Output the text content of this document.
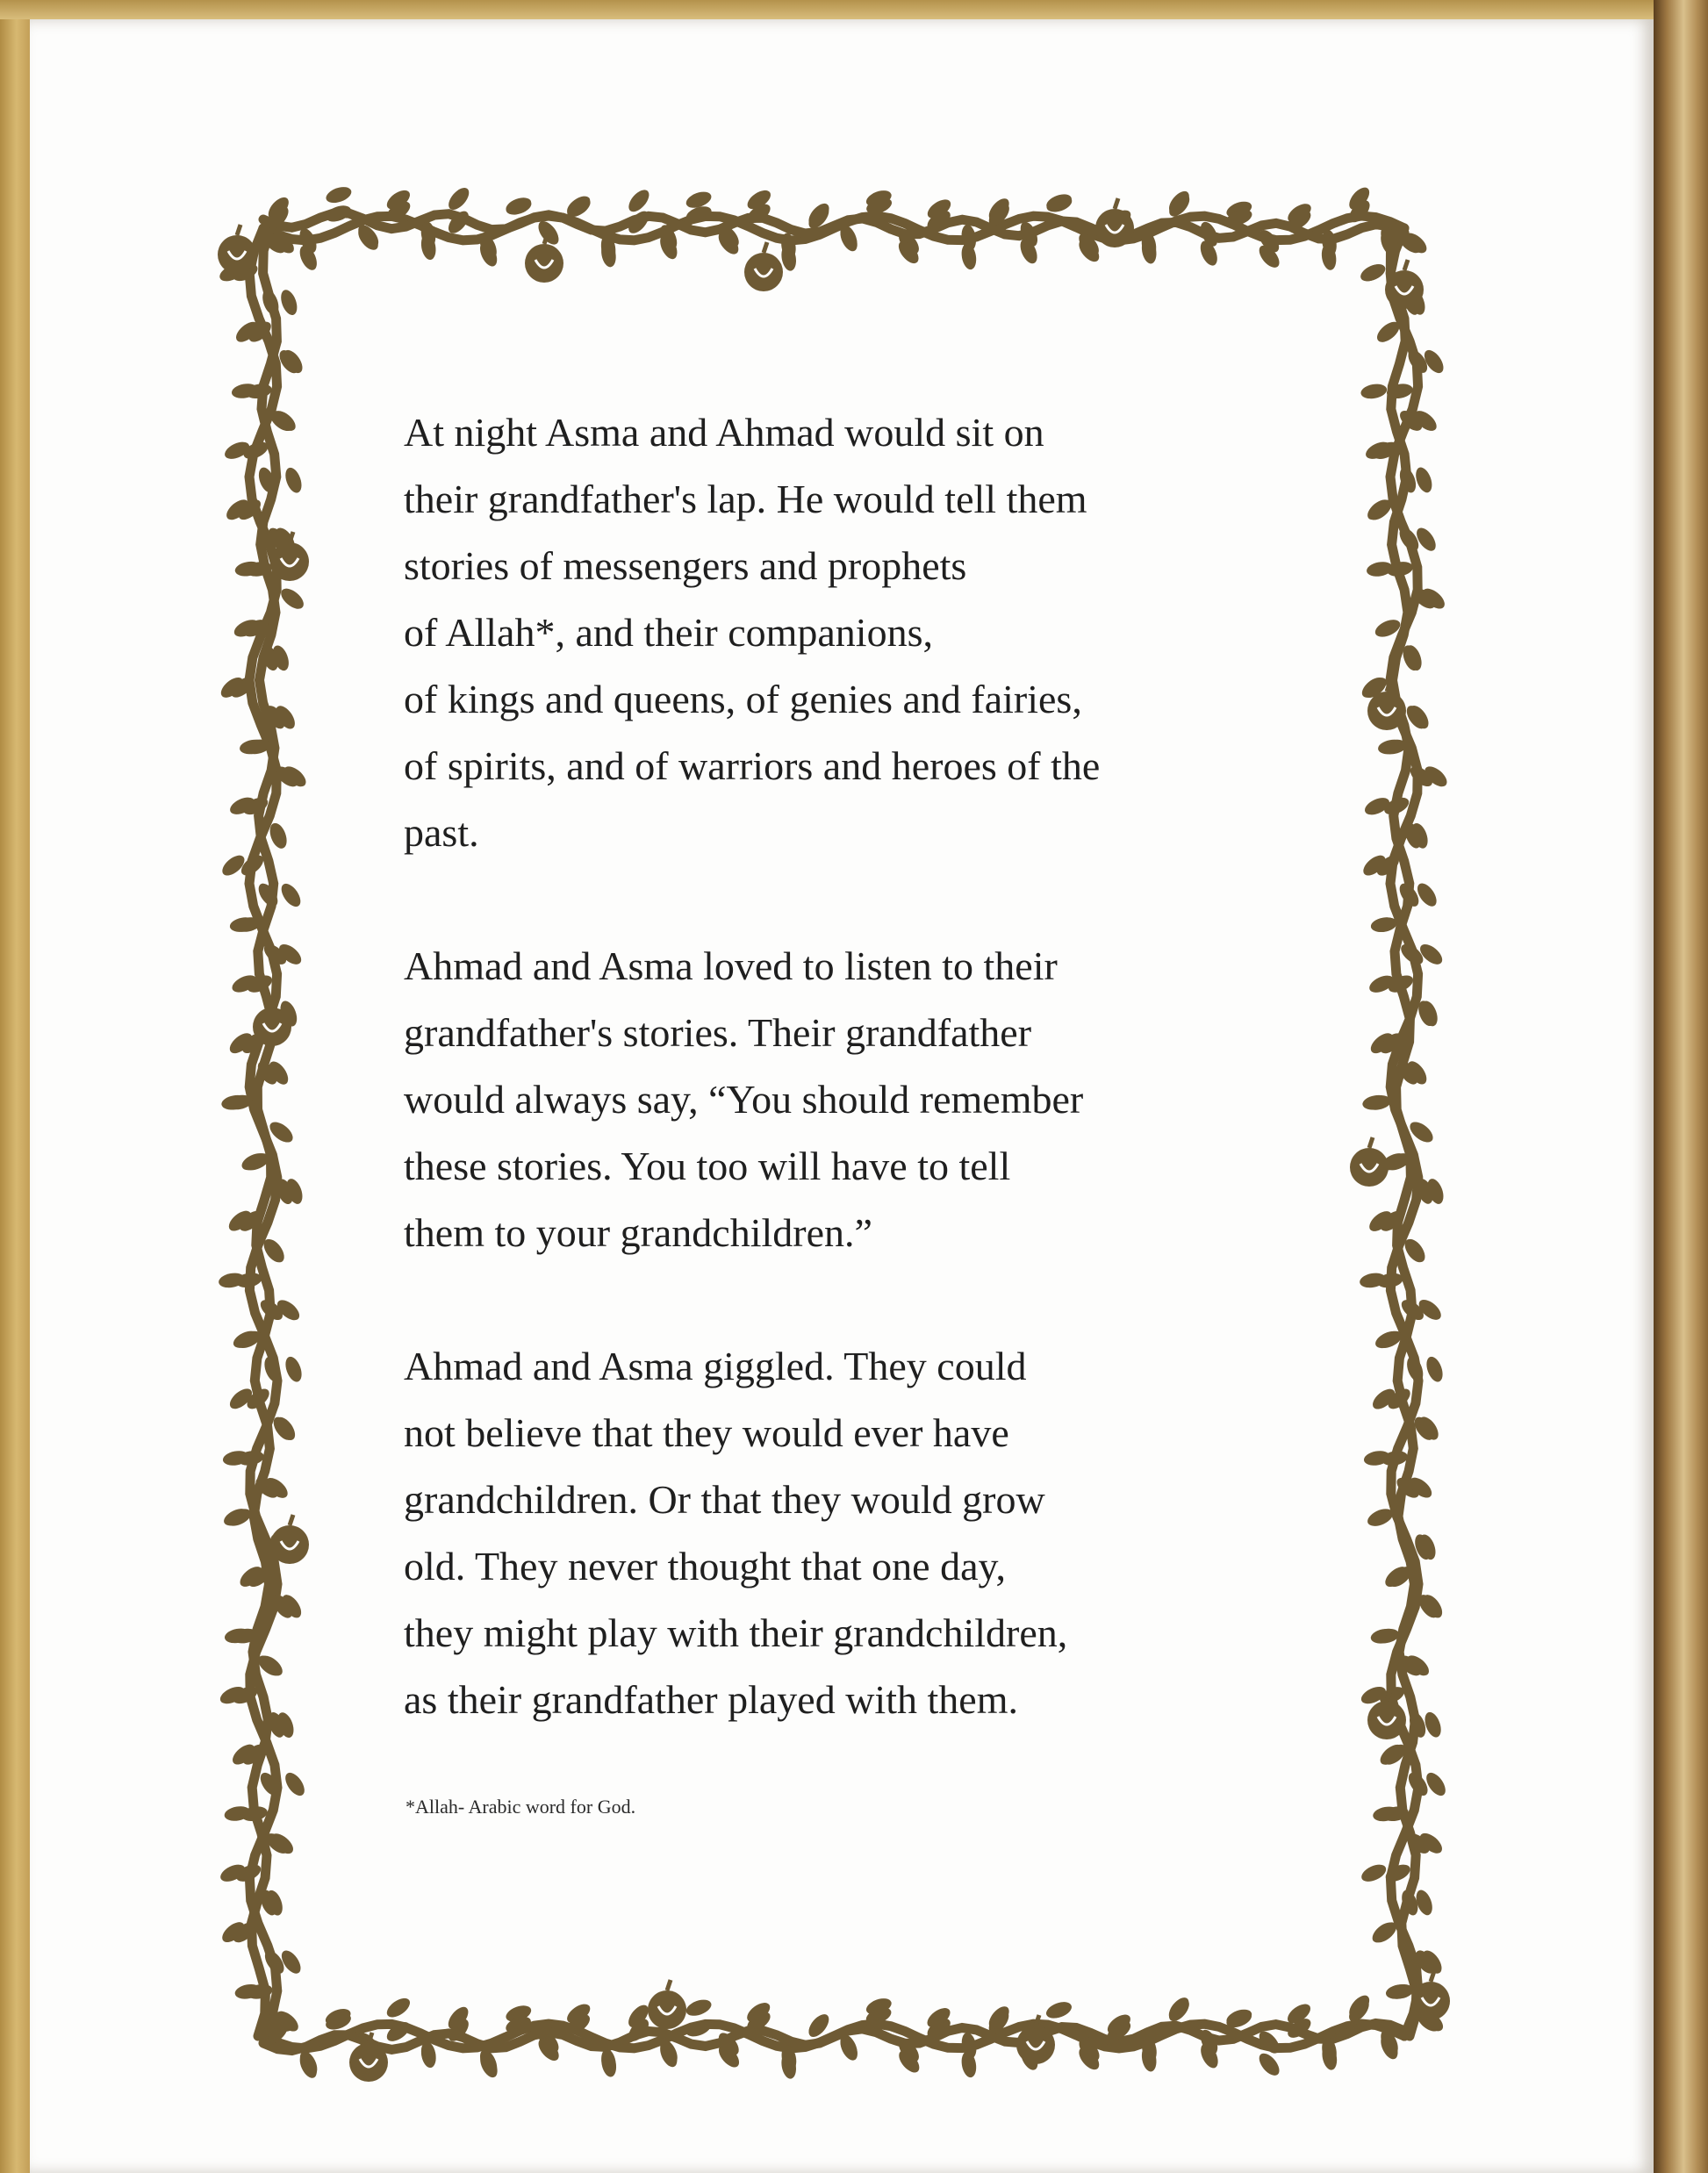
At night Asma and Ahmad would sit on
their grandfather's lap. He would tell them
stories of messengers and prophets
of Allah*, and their companions,
of kings and queens, of genies and fairies,
of spirits, and of warriors and heroes of the
past.

Ahmad and Asma loved to listen to their
grandfather's stories. Their grandfather
would always say, “You should remember
these stories. You too will have to tell
them to your grandchildren.”

Ahmad and Asma giggled. They could
not believe that they would ever have
grandchildren. Or that they would grow
old. They never thought that one day,
they might play with their grandchildren,
as their grandfather played with them.

*Allah- Arabic word for God.
